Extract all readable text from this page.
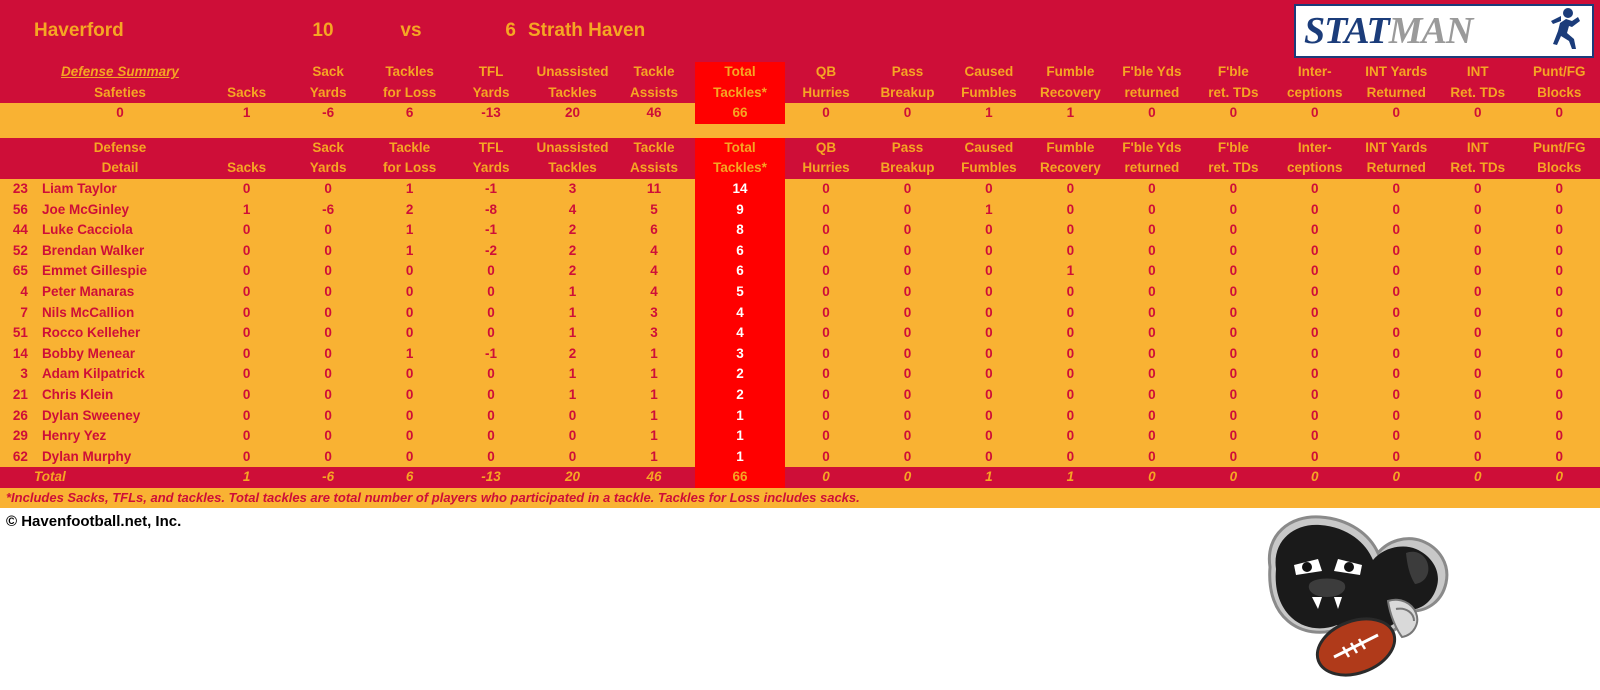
Haverford	10	vs	6 Strath Haven	STATMAN
Defense Summary		Sack	Tackles	TFL	Unassisted	Tackle	Total	QB	Pass	Caused	Fumble	F'ble Yds	F'ble	Inter-	INT Yards	INT	Punt/FG
Safeties	Sacks	Yards	for Loss	Yards	Tackles	Assists	Tackles*	Hurries	Breakup	Fumbles	Recovery	returned	ret. TDs	ceptions	Returned	Ret. TDs	Blocks
0	1	-6	6	-13	20	46	66	0	0	1	1	0	0	0	0	0	0

Defense			Sack	Tackle	TFL	Unassisted	Tackle	Total	QB	Pass	Caused	Fumble	F'ble Yds	F'ble	Inter-	INT Yards	INT	Punt/FG
Detail		Sacks	Yards	for Loss	Yards	Tackles	Assists	Tackles*	Hurries	Breakup	Fumbles	Recovery	returned	ret. TDs	ceptions	Returned	Ret. TDs	Blocks
23	Liam Taylor	0	0	1	-1	3	11	14	0	0	0	0	0	0	0	0	0	0
56	Joe McGinley	1	-6	2	-8	4	5	9	0	0	1	0	0	0	0	0	0	0
44	Luke Cacciola	0	0	1	-1	2	6	8	0	0	0	0	0	0	0	0	0	0
52	Brendan Walker	0	0	1	-2	2	4	6	0	0	0	0	0	0	0	0	0	0
65	Emmet Gillespie	0	0	0	0	2	4	6	0	0	0	1	0	0	0	0	0	0
4	Peter Manaras	0	0	0	0	1	4	5	0	0	0	0	0	0	0	0	0	0
7	Nils McCallion	0	0	0	0	1	3	4	0	0	0	0	0	0	0	0	0	0
51	Rocco Kelleher	0	0	0	0	1	3	4	0	0	0	0	0	0	0	0	0	0
14	Bobby Menear	0	0	1	-1	2	1	3	0	0	0	0	0	0	0	0	0	0
3	Adam Kilpatrick	0	0	0	0	1	1	2	0	0	0	0	0	0	0	0	0	0
21	Chris Klein	0	0	0	0	1	1	2	0	0	0	0	0	0	0	0	0	0
26	Dylan Sweeney	0	0	0	0	0	1	1	0	0	0	0	0	0	0	0	0	0
29	Henry Yez	0	0	0	0	0	1	1	0	0	0	0	0	0	0	0	0	0
62	Dylan Murphy	0	0	0	0	0	1	1	0	0	0	0	0	0	0	0	0	0
Total		1	-6	6	-13	20	46	66	0	0	1	1	0	0	0	0	0	0
*Includes Sacks, TFLs, and tackles. Total tackles are total number of players who participated in a tackle. Tackles for Loss includes sacks.
© Havenfootball.net, Inc.
